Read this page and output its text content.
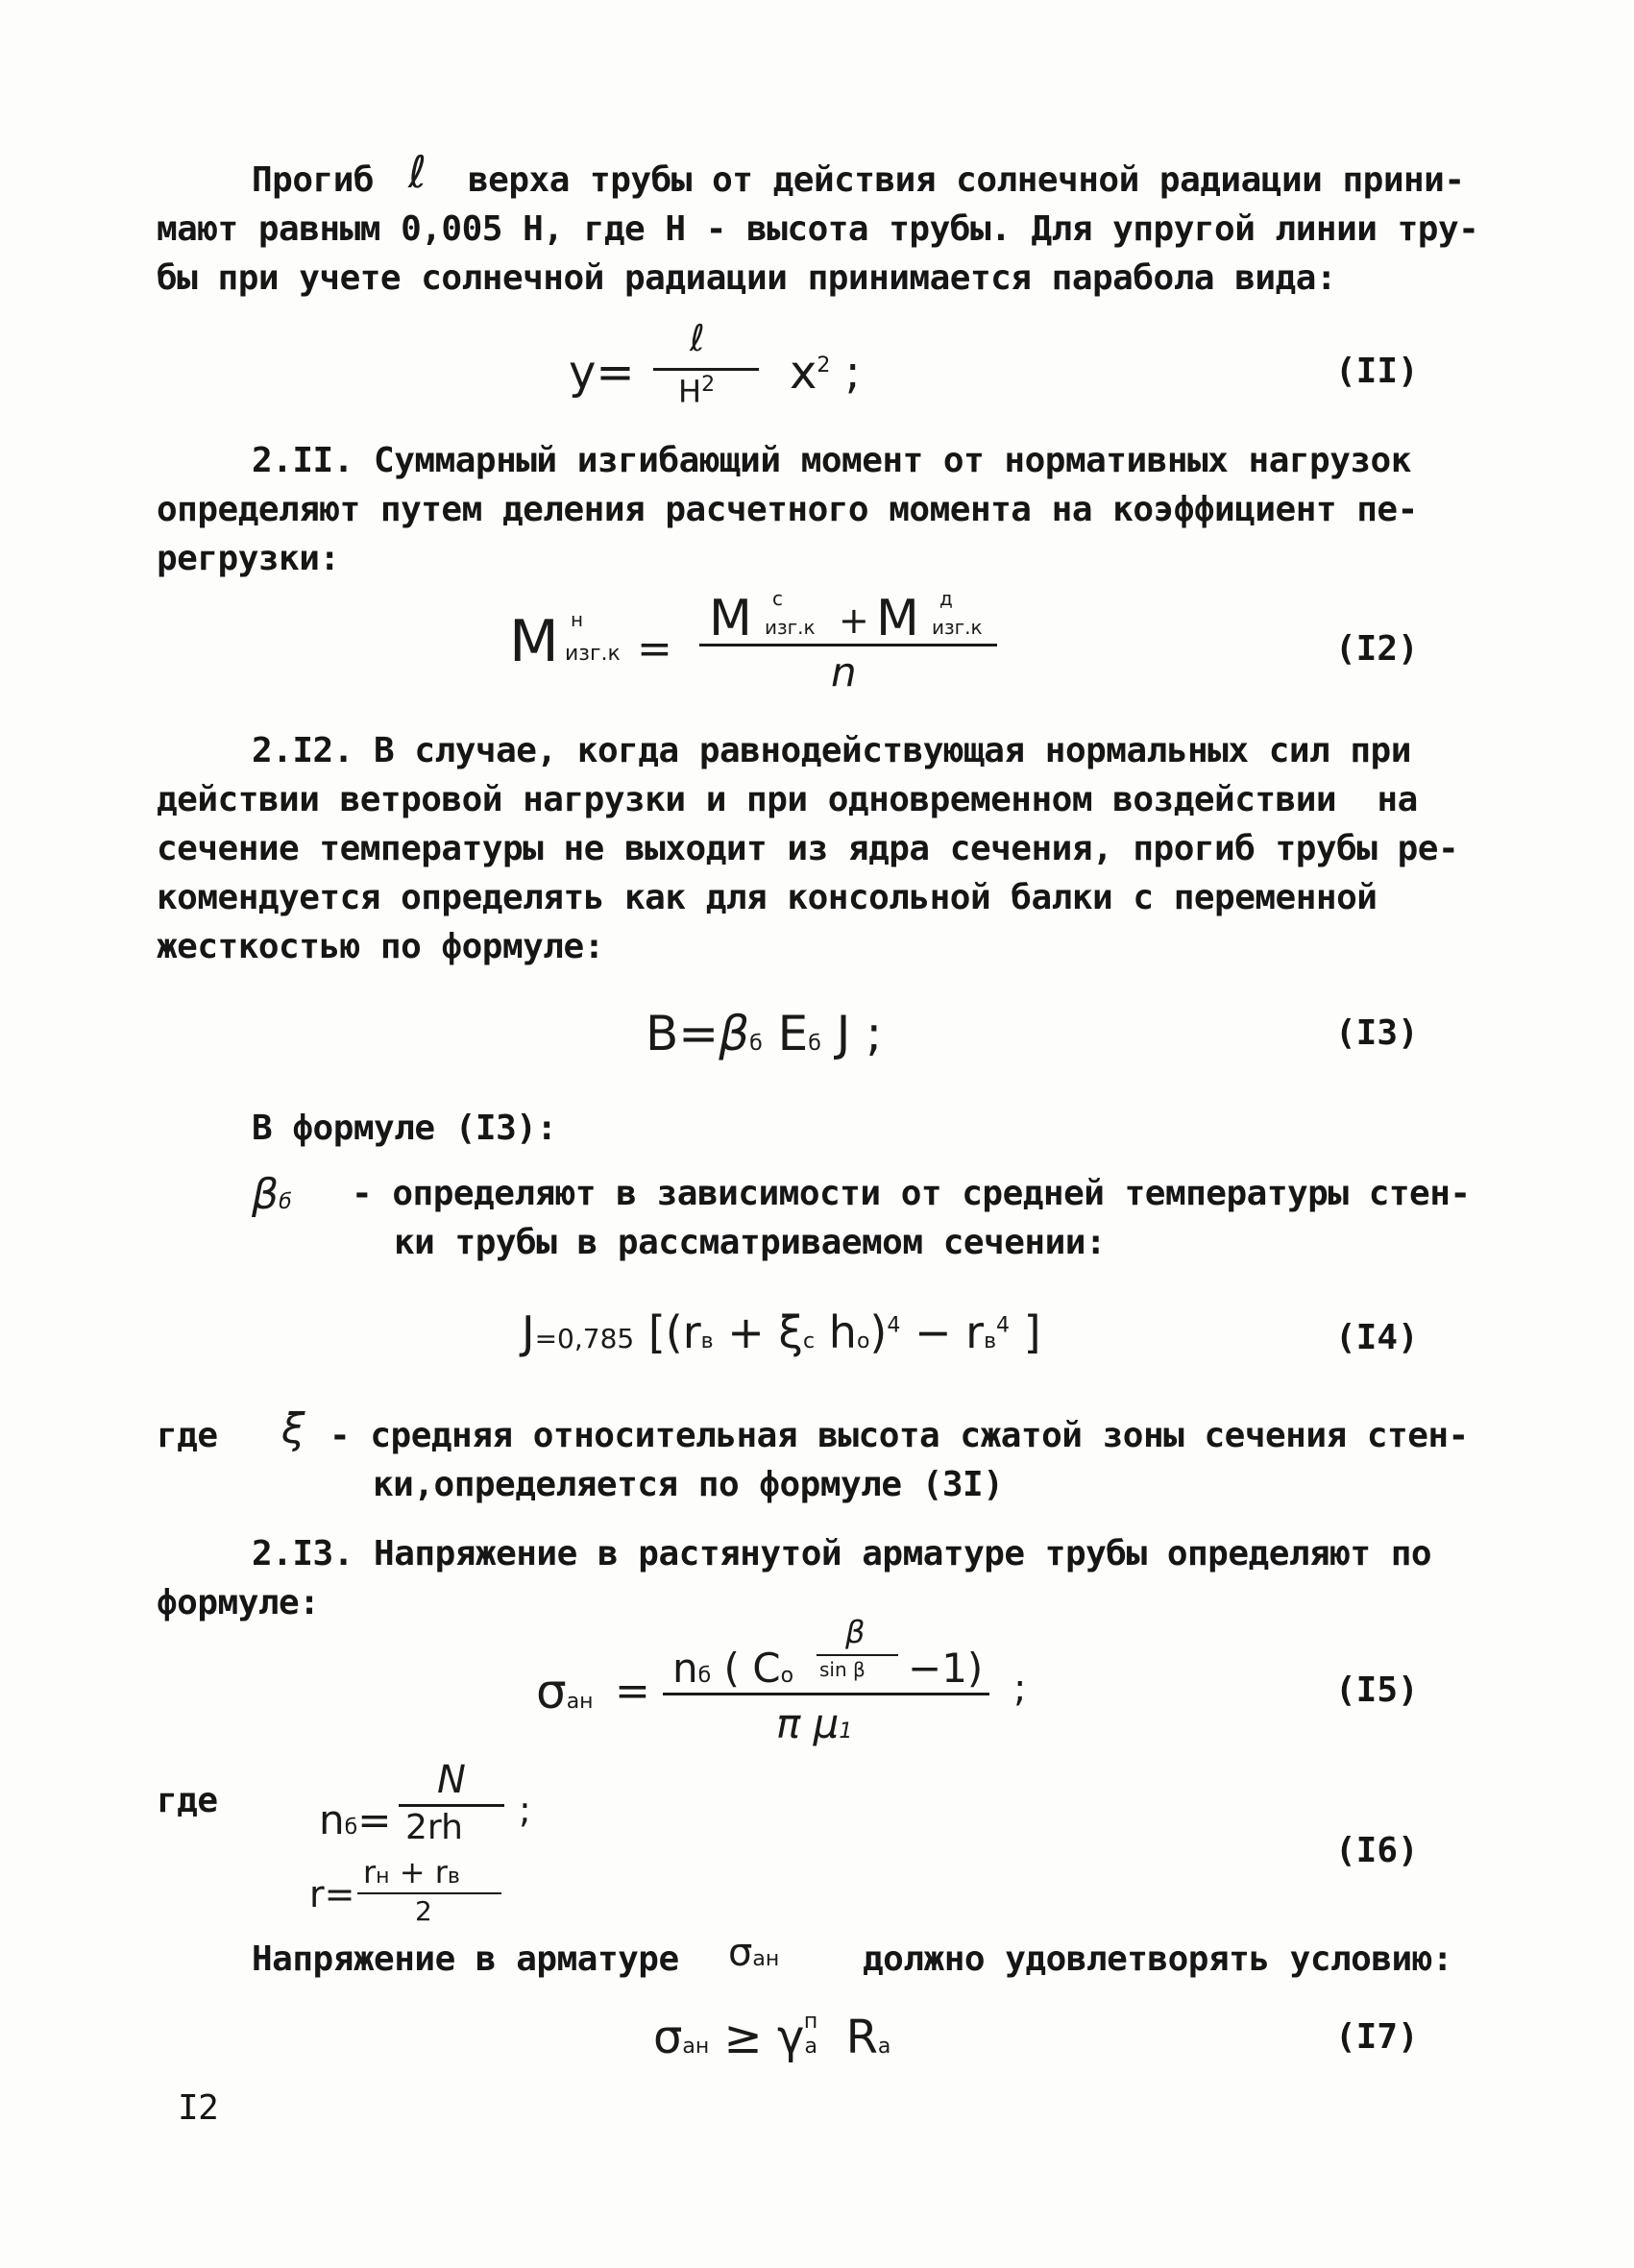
Прогиб ℓ верха трубы от действия солнечной радиации прини-
мают равным 0,005 Н, где Н - высота трубы. Для упругой линии тру-
бы при учете солнечной радиации принимается парабола вида:
y=
ℓ
$H^2$ $x^2$ ;	(II)
2.II. Суммарный изгибающий момент от нормативных нагрузок
определяют путем деления расчетного момента на коэффициент пе-
регрузки:
M н
изг.к =
M с
изг.к + M д
изг.к
n	(I2)
2.I2. В случае, когда равнодействующая нормальных сил при
действии ветровой нагрузки и при одновременном воздействии  на
сечение температуры не выходит из ядра сечения, прогиб трубы ре-
комендуется определять как для консольной балки с переменной
жесткостью по формуле:
B=βб Eб J ;	(I3)
В формуле (I3):
βб - определяют в зависимости от средней температуры стен-
ки трубы в рассматриваемом сечении:
J=0,785 [(rв + ξс $hо)^4 - rв^4$ ]	(I4)
где ξ - средняя относительная высота сжатой зоны сечения стен-
ки,определяется по формуле (3I)
2.I3. Напряжение в растянутой арматуре трубы определяют по
формуле:
σан = nб ( Cо
β
sin β −1)
π μ1
;	(I5)
где	nб=
N
2rh ;
r=
rн + rв
2
(I6)
Напряжение в арматуре σан должно удовлетворять условию:
$\sigma ан \ge \gamma а^п$ Rа	(I7)
I2
